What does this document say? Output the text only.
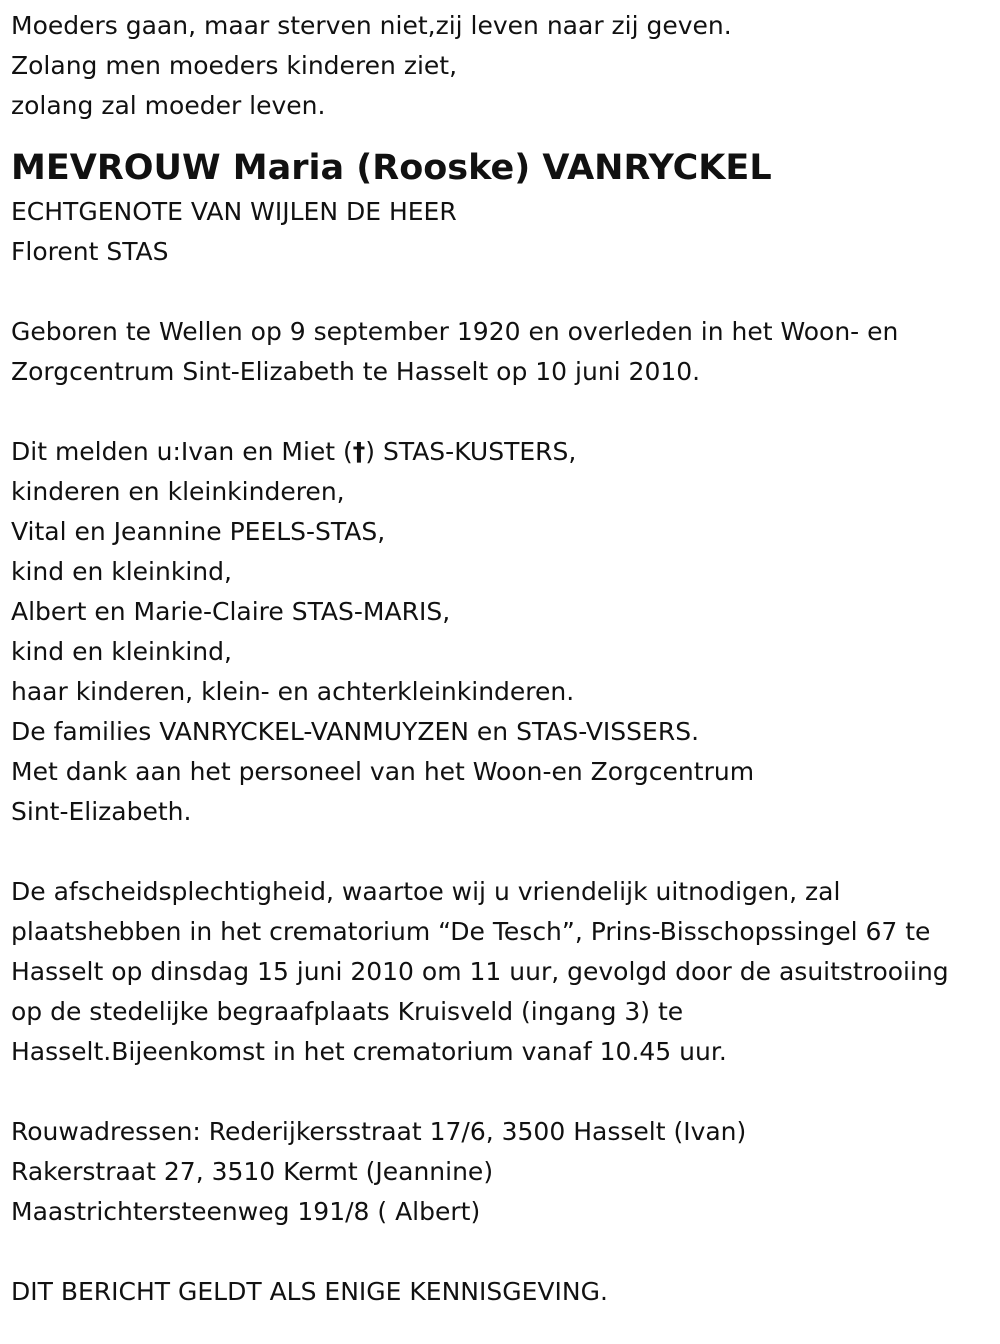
Moeders gaan, maar sterven niet,zij leven naar zij geven.
Zolang men moeders kinderen ziet,
zolang zal moeder leven.
MEVROUW Maria (Rooske) VANRYCKEL
ECHTGENOTE VAN WIJLEN DE HEER
Florent STAS
Geboren te Wellen op 9 september 1920 en overleden in het Woon- en
Zorgcentrum Sint-Elizabeth te Hasselt op 10 juni 2010.
Dit melden u:Ivan en Miet (†) STAS-KUSTERS,
kinderen en kleinkinderen,
Vital en Jeannine PEELS-STAS,
kind en kleinkind,
Albert en Marie-Claire STAS-MARIS,
kind en kleinkind,
haar kinderen, klein- en achterkleinkinderen.
De families VANRYCKEL-VANMUYZEN en STAS-VISSERS.
Met dank aan het personeel van het Woon-en Zorgcentrum
Sint-Elizabeth.
De afscheidsplechtigheid, waartoe wij u vriendelijk uitnodigen, zal
plaatshebben in het crematorium “De Tesch”, Prins-Bisschopssingel 67 te
Hasselt op dinsdag 15 juni 2010 om 11 uur, gevolgd door de asuitstrooiing
op de stedelijke begraafplaats Kruisveld (ingang 3) te
Hasselt.Bijeenkomst in het crematorium vanaf 10.45 uur.
Rouwadressen: Rederijkersstraat 17/6, 3500 Hasselt (Ivan)
Rakerstraat 27, 3510 Kermt (Jeannine)
Maastrichtersteenweg 191/8 ( Albert)
DIT BERICHT GELDT ALS ENIGE KENNISGEVING.
